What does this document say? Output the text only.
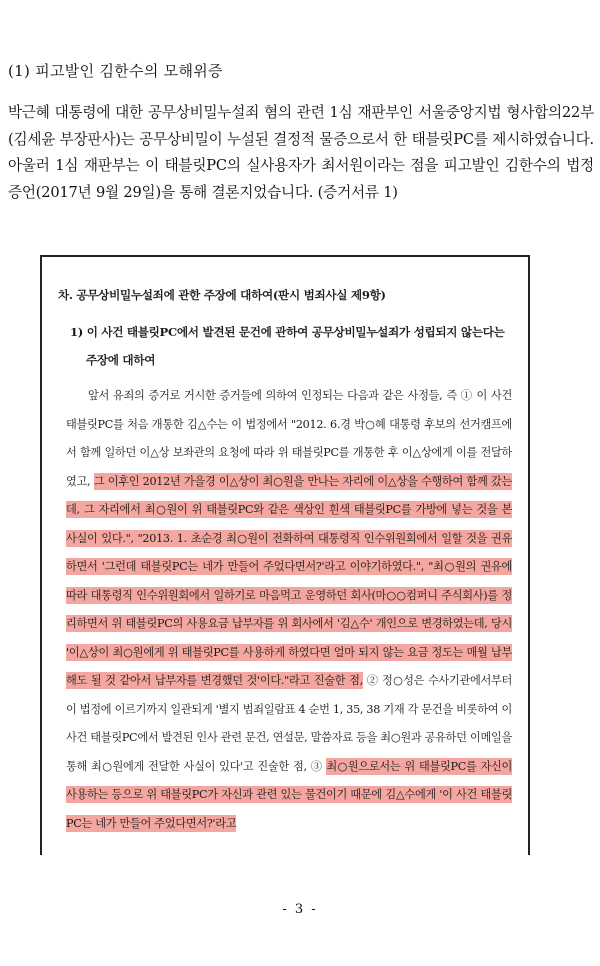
(1) 피고발인 김한수의 모해위증

박근혜 대통령에 대한 공무상비밀누설죄 혐의 관련 1심 재판부인 서울중앙지법 형사합의22부(김세윤 부장판사)는 공무상비밀이 누설된 결정적 물증으로서 한 태블릿PC를 제시하였습니다. 아울러 1심 재판부는 이 태블릿PC의 실사용자가 최서원이라는 점을 피고발인 김한수의 법정증언(2017년 9월 29일)을 통해 결론지었습니다. (증거서류 1)

차. 공무상비밀누설죄에 관한 주장에 대하여(판시 범죄사실 제9항)
1) 이 사건 태블릿PC에서 발견된 문건에 관하여 공무상비밀누설죄가 성립되지 않는다는 주장에 대하여

앞서 유죄의 증거로 거시한 증거들에 의하여 인정되는 다음과 같은 사정들, 즉 ① 이 사건 태블릿PC를 처음 개통한 김△수는 이 법정에서 "2012. 6.경 박○혜 대통령 후보의 선거캠프에서 함께 일하던 이△상 보좌관의 요청에 따라 위 태블릿PC를 개통한 후 이△상에게 이를 전달하였고, 그 이후인 2012년 가을경 이△상이 최○원을 만나는 자리에 이△상을 수행하여 함께 갔는데, 그 자리에서 최○원이 위 태블릿PC와 같은 색상인 흰색 태블릿PC를 가방에 넣는 것을 본 사실이 있다.", "2013. 1. 초순경 최○원이 전화하여 대통령직 인수위원회에서 일할 것을 권유하면서 '그런데 태블릿PC는 네가 만들어 주었다면서?'라고 이야기하였다.", "최○원의 권유에 따라 대통령직 인수위원회에서 일하기로 마음먹고 운영하던 회사(마○○컴퍼니 주식회사)를 정리하면서 위 태블릿PC의 사용요금 납부자를 위 회사에서 '김△수' 개인으로 변경하였는데, 당시 '이△상이 최○원에게 위 태블릿PC를 사용하게 하였다면 얼마 되지 않는 요금 정도는 매월 납부해도 될 것 같아서 납부자를 변경했던 것'이다."라고 진술한 점, ② 정○성은 수사기관에서부터 이 법정에 이르기까지 일관되게 '별지 범죄일람표 4 순번 1, 35, 38 기재 각 문건을 비롯하여 이 사건 태블릿PC에서 발견된 인사 관련 문건, 연설문, 말씀자료 등을 최○원과 공유하던 이메일을 통해 최○원에게 전달한 사실이 있다'고 진술한 점, ③ 최○원으로서는 위 태블릿PC를 자신이 사용하는 등으로 위 태블릿PC가 자신과 관련 있는 물건이기 때문에 김△수에게 '이 사건 태블릿PC는 네가 만들어 주었다면서?'라고

- 3 -
